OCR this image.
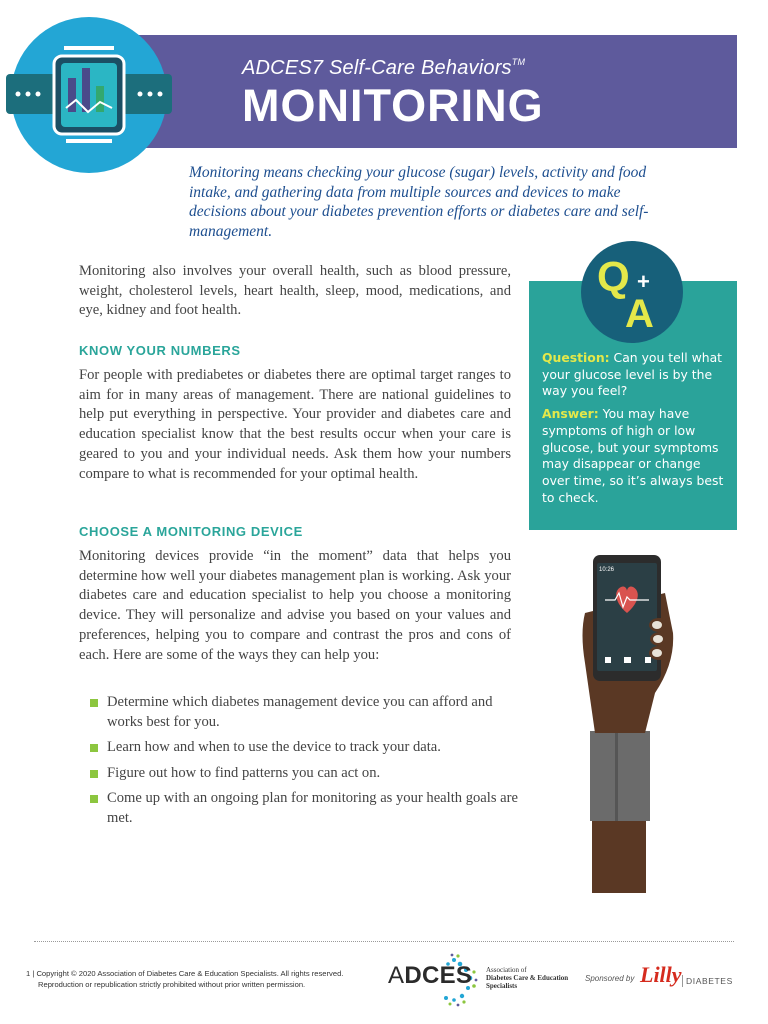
ADCES7 Self-Care Behaviors™
MONITORING
Monitoring means checking your glucose (sugar) levels, activity and food intake, and gathering data from multiple sources and devices to make decisions about your diabetes prevention efforts or diabetes care and self-management.
Monitoring also involves your overall health, such as blood pressure, weight, cholesterol levels, heart health, sleep, mood, medications, and eye, kidney and foot health.
KNOW YOUR NUMBERS
For people with prediabetes or diabetes there are optimal target ranges to aim for in many areas of management. There are national guidelines to help put everything in perspective. Your provider and diabetes care and education specialist know that the best results occur when your care is geared to you and your individual needs. Ask them how your numbers compare to what is recommended for your optimal health.
CHOOSE A MONITORING DEVICE
Monitoring devices provide “in the moment” data that helps you determine how well your diabetes management plan is working. Ask your diabetes care and education specialist to help you choose a monitoring device. They will personalize and advise you based on your values and preferences, helping you to compare and contrast the pros and cons of each. Here are some of the ways they can help you:
Determine which diabetes management device you can afford and works best for you.
Learn how and when to use the device to track your data.
Figure out how to find patterns you can act on.
Come up with an ongoing plan for monitoring as your health goals are met.
Q +
A

Question: Can you tell what your glucose level is by the way you feel?

Answer: You may have symptoms of high or low glucose, but your symptoms may disappear or change over time, so it’s always best to check.

10:26
1 | Copyright © 2020 Association of Diabetes Care & Education Specialists. All rights reserved.
Reproduction or republication strictly prohibited without prior written permission.	ADCES Association of
Diabetes Care & Education
Specialists
Sponsored by Lilly DIABETES
